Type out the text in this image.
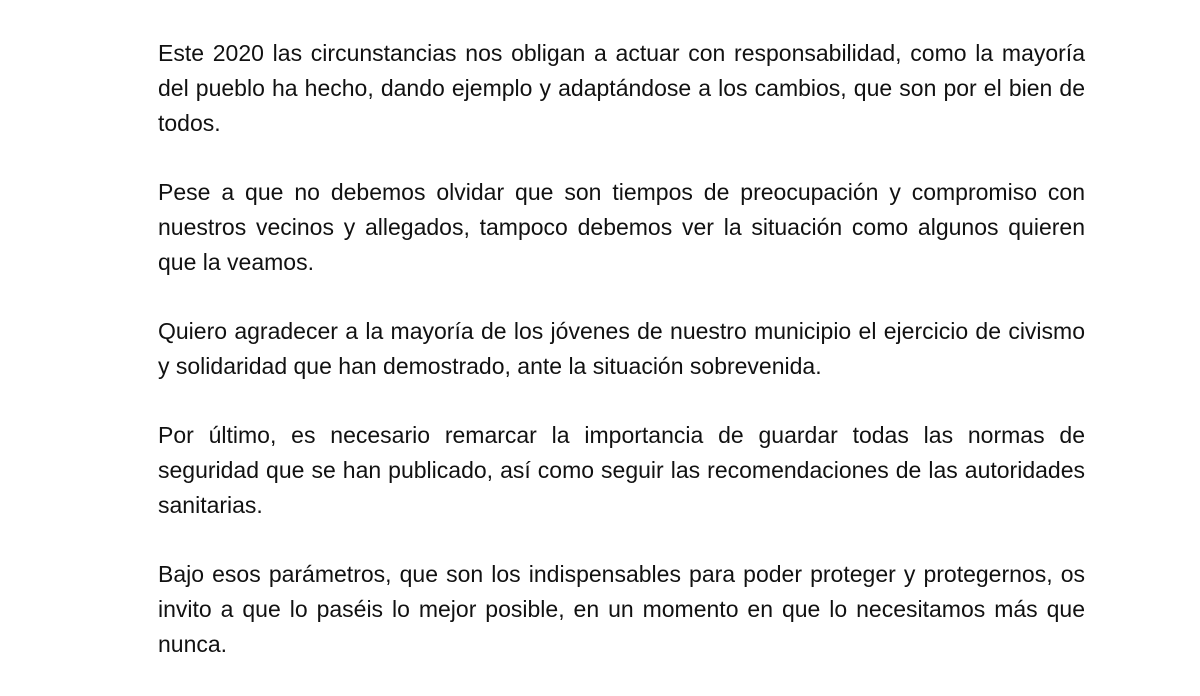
Este 2020 las circunstancias nos obligan a actuar con responsabilidad, como la mayoría del pueblo ha hecho, dando ejemplo y adaptándose a los cambios, que son por el bien de todos.

Pese a que no debemos olvidar que son tiempos de preocupación y compromiso con nuestros vecinos y allegados, tampoco debemos ver la situación como algunos quieren que la veamos.

Quiero agradecer a la mayoría de los jóvenes de nuestro municipio el ejercicio de civismo y solidaridad que han demostrado, ante la situación sobrevenida.

Por último, es necesario remarcar la importancia de guardar todas las normas de seguridad que se han publicado, así como seguir las recomendaciones de las autoridades sanitarias.

Bajo esos parámetros, que son los indispensables para poder proteger y protegernos, os invito a que lo paséis lo mejor posible, en un momento en que lo necesitamos más que nunca.
